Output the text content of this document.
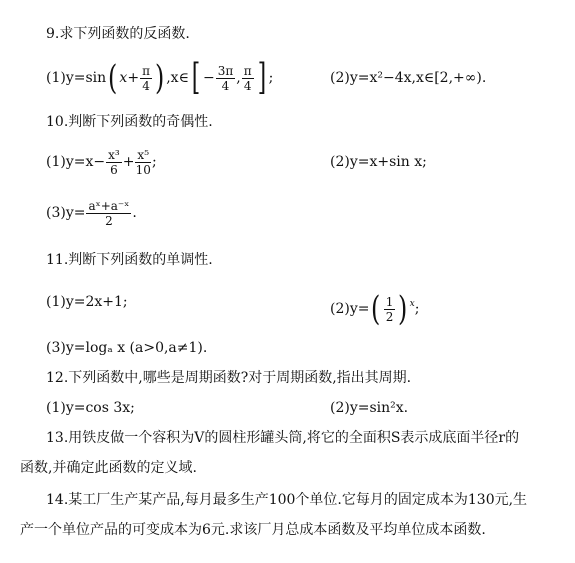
9.求下列函数的反函数.
(1)y=sin( $x+ \frac{\pi}{4}$ ) ,x∈[ − $\frac{3\pi}{4}$ , $\frac{\pi}{4}$ ] ;	(2)y=x²−4x,x∈[2,+∞).
10.判断下列函数的奇偶性.
$(1)y=x- \frac{\text{x³}}{6} + \frac{\text{x⁵}}{10}$ ;	(2)y=x+sin x;
$(3)y= \frac{\text{aˣ+a⁻ˣ}}{2}$ .
11.判断下列函数的单调性.
(1)y=2x+1;	$(2)y=( \frac{1}{2}$ ) $^x$;
(3)y=logₐ x (a>0,a≠1).
12.下列函数中,哪些是周期函数?对于周期函数,指出其周期.
(1)y=cos 3x;	(2)y=sin²x.
13.用铁皮做一个容积为V的圆柱形罐头筒,将它的全面积S表示成底面半径r的
函数,并确定此函数的定义域.
14.某工厂生产某产品,每月最多生产100个单位.它每月的固定成本为130元,生
产一个单位产品的可变成本为6元.求该厂月总成本函数及平均单位成本函数.
